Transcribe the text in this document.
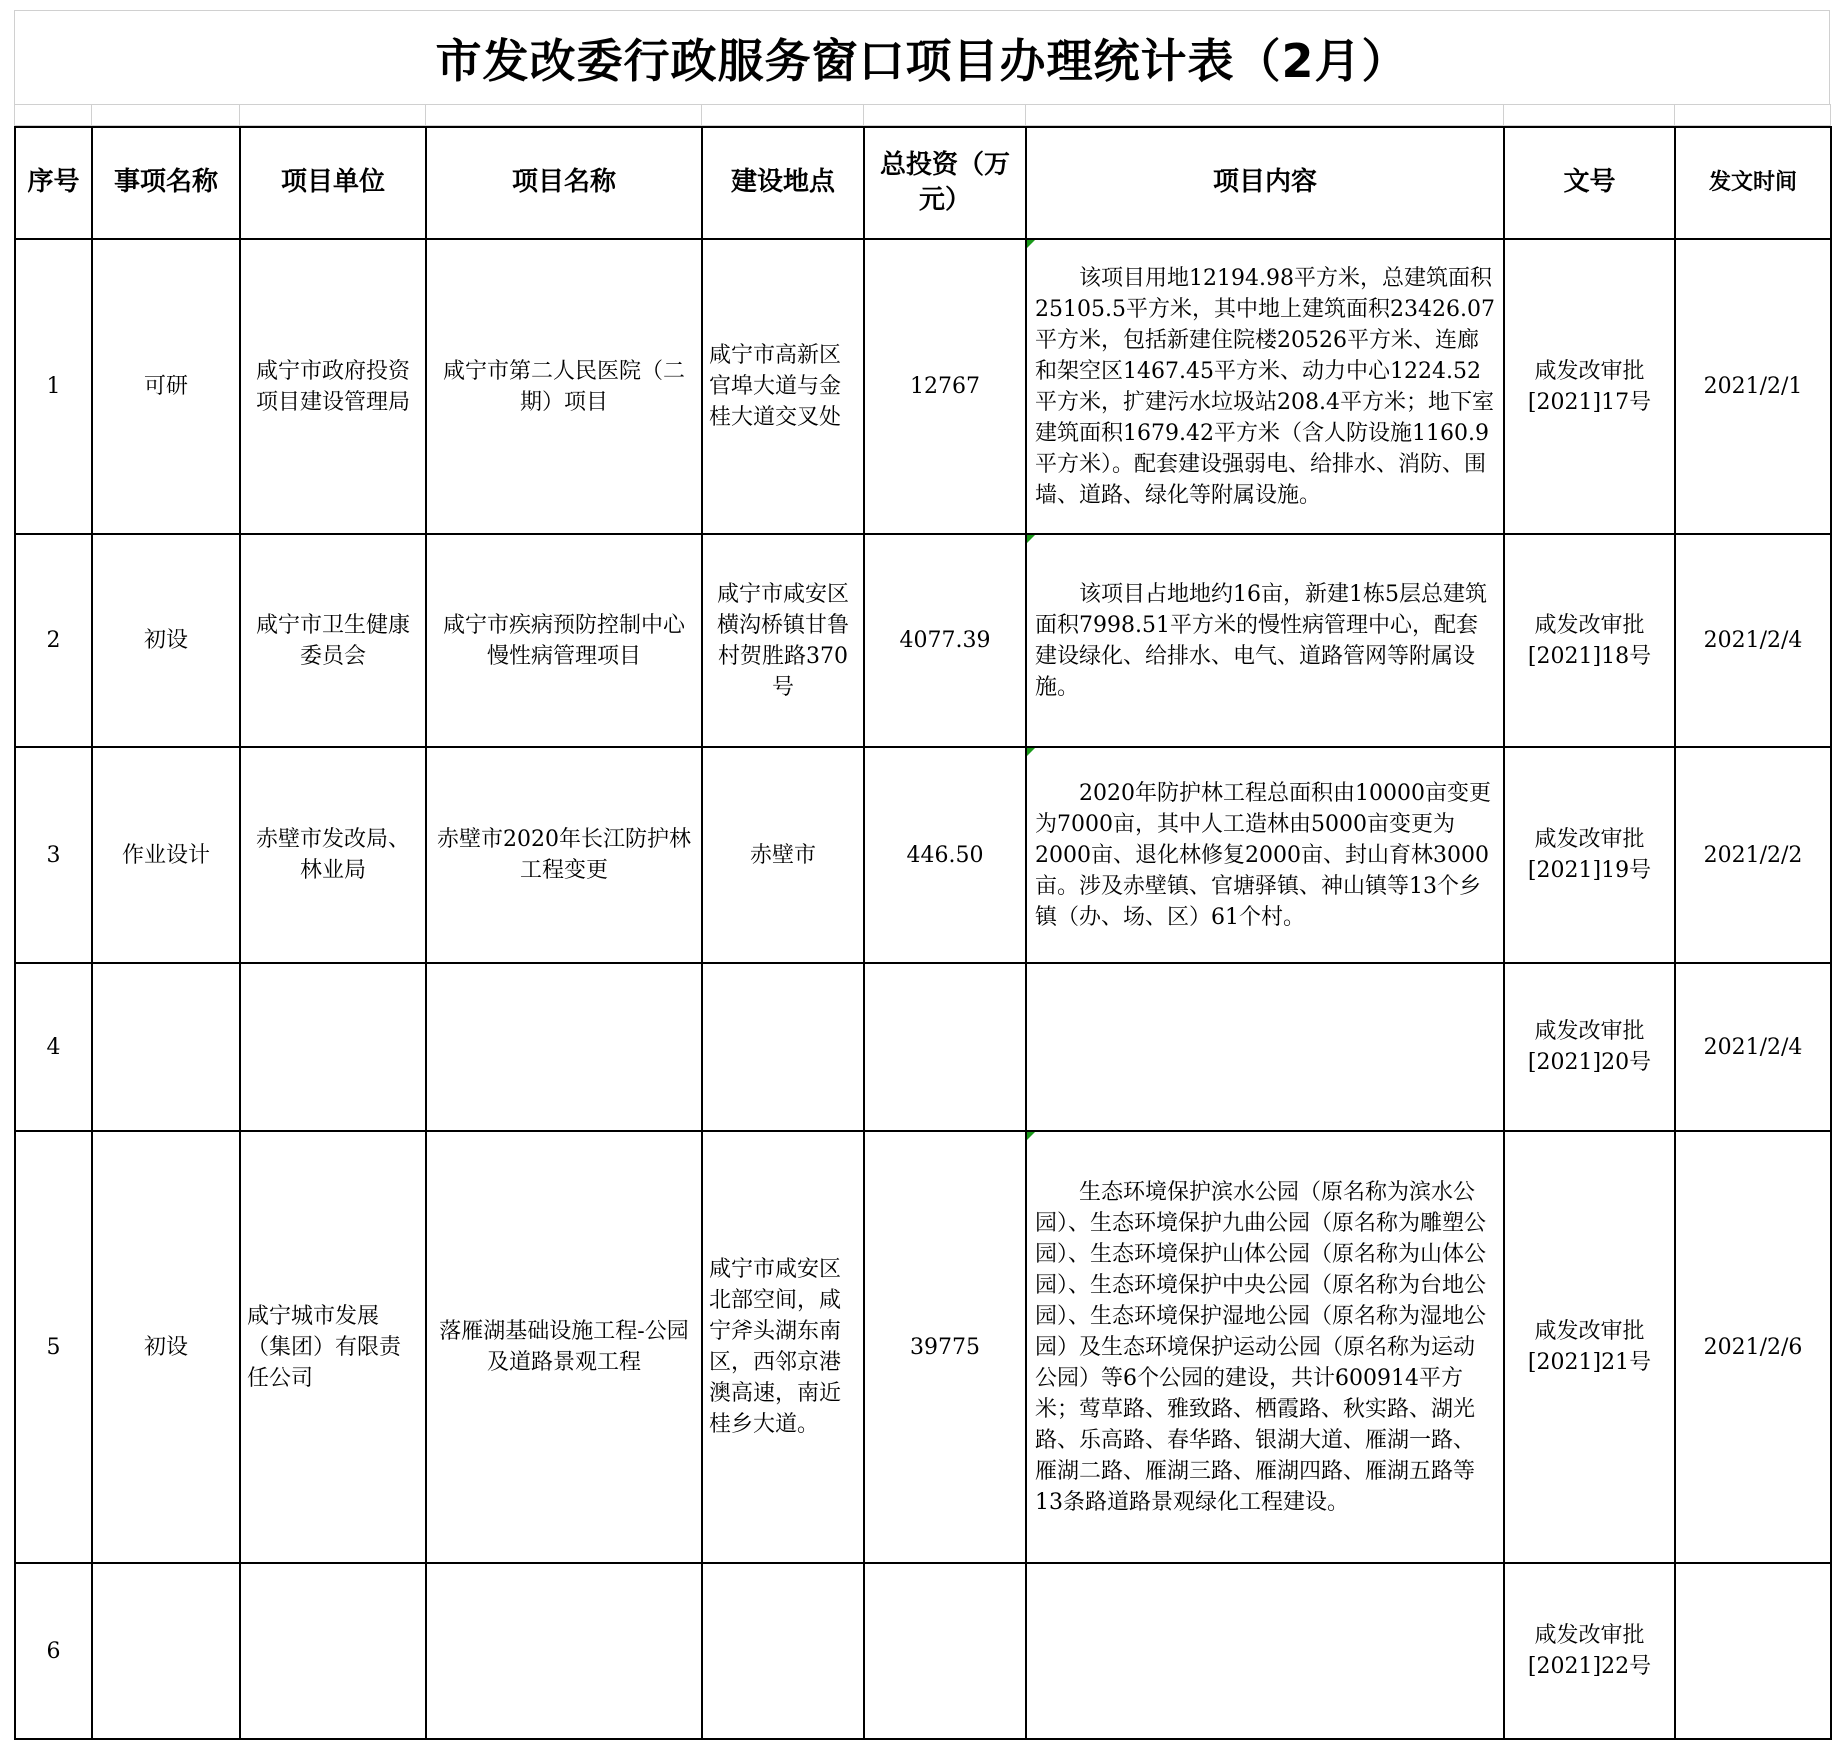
市发改委行政服务窗口项目办理统计表（2月）

序号	事项名称	项目单位	项目名称	建设地点	总投资（万元）	项目内容	文号	发文时间
1	可研	咸宁市政府投资项目建设管理局	咸宁市第二人民医院（二期）项目	咸宁市高新区官埠大道与金桂大道交叉处	12767	该项目用地12194.98平方米，总建筑面积25105.5平方米，其中地上建筑面积23426.07平方米，包括新建住院楼20526平方米、连廊和架空区1467.45平方米、动力中心1224.52平方米，扩建污水垃圾站208.4平方米；地下室建筑面积1679.42平方米（含人防设施1160.9平方米）。配套建设强弱电、给排水、消防、围墙、道路、绿化等附属设施。	咸发改审批[2021]17号	2021/2/1
2	初设	咸宁市卫生健康委员会	咸宁市疾病预防控制中心慢性病管理项目	咸宁市咸安区横沟桥镇甘鲁村贺胜路370号	4077.39	该项目占地地约16亩，新建1栋5层总建筑面积7998.51平方米的慢性病管理中心，配套建设绿化、给排水、电气、道路管网等附属设施。	咸发改审批[2021]18号	2021/2/4
3	作业设计	赤壁市发改局、林业局	赤壁市2020年长江防护林工程变更	赤壁市	446.50	2020年防护林工程总面积由10000亩变更为7000亩，其中人工造林由5000亩变更为2000亩、退化林修复2000亩、封山育林3000亩。涉及赤壁镇、官塘驿镇、神山镇等13个乡镇（办、场、区）61个村。	咸发改审批[2021]19号	2021/2/2
4							咸发改审批[2021]20号	2021/2/4
5	初设	咸宁城市发展（集团）有限责任公司	落雁湖基础设施工程-公园及道路景观工程	咸宁市咸安区北部空间，咸宁斧头湖东南区，西邻京港澳高速，南近桂乡大道。	39775	生态环境保护滨水公园（原名称为滨水公园）、生态环境保护九曲公园（原名称为雕塑公园）、生态环境保护山体公园（原名称为山体公园）、生态环境保护中央公园（原名称为台地公园）、生态环境保护湿地公园（原名称为湿地公园）及生态环境保护运动公园（原名称为运动公园）等6个公园的建设，共计600914平方米；莺草路、雅致路、栖霞路、秋实路、湖光路、乐高路、春华路、银湖大道、雁湖一路、雁湖二路、雁湖三路、雁湖四路、雁湖五路等13条路道路景观绿化工程建设。	咸发改审批[2021]21号	2021/2/6
6							咸发改审批[2021]22号	
